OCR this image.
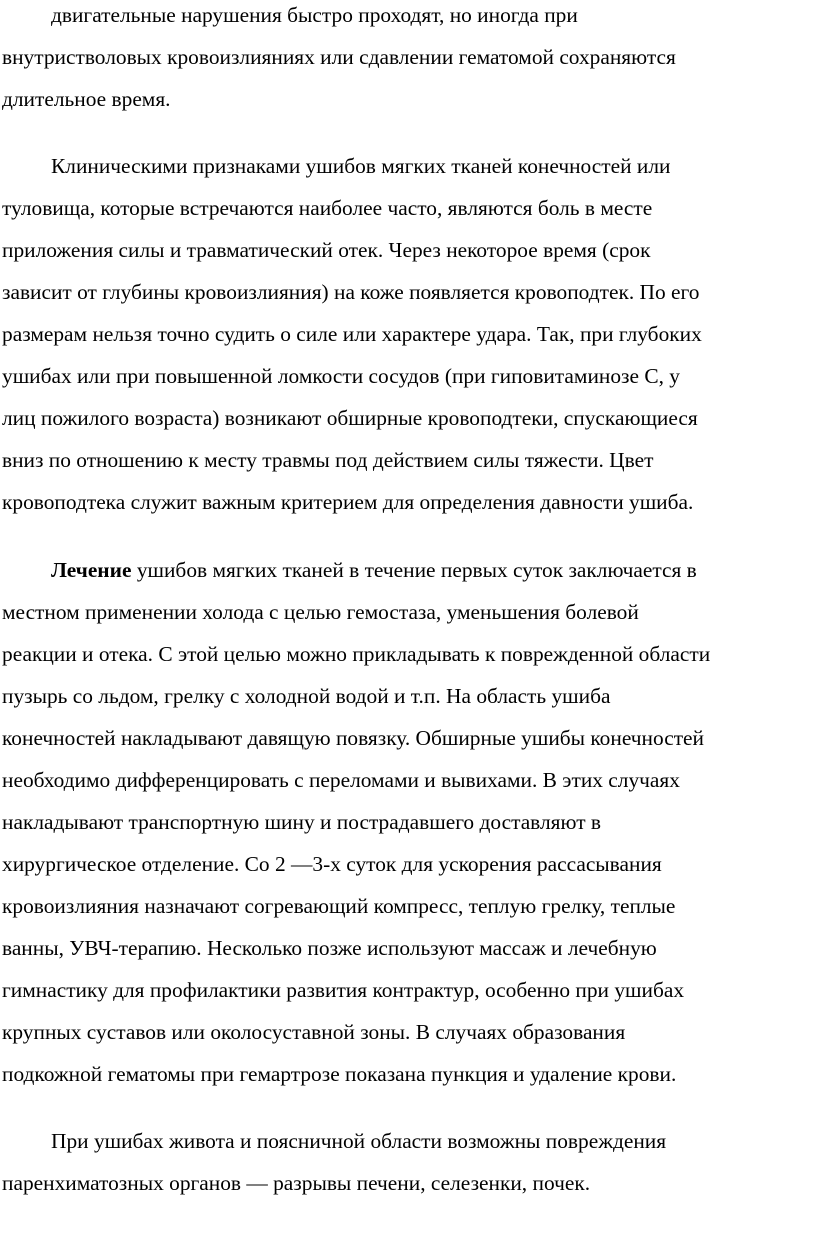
двигательные нарушения быстро проходят, но иногда при
внутристволовых кровоизлияниях или сдавлении гематомой сохраняются
длительное время.
Клиническими признаками ушибов мягких тканей конечностей или
туловища, которые встречаются наиболее часто, являются боль в месте
приложения силы и травматический отек. Через некоторое время (срок
зависит от глубины кровоизлияния) на коже появляется кровоподтек. По его
размерам нельзя точно судить о силе или характере удара. Так, при глубоких
ушибах или при повышенной ломкости сосудов (при гиповитаминозе С, у
лиц пожилого возраста) возникают обширные кровоподтеки, спускающиеся
вниз по отношению к месту травмы под действием силы тяжести. Цвет
кровоподтека служит важным критерием для определения давности ушиба.
Лечение ушибов мягких тканей в течение первых суток заключается в
местном применении холода с целью гемостаза, уменьшения болевой
реакции и отека. С этой целью можно прикладывать к поврежденной области
пузырь со льдом, грелку с холодной водой и т.п. На область ушиба
конечностей накладывают давящую повязку. Обширные ушибы конечностей
необходимо дифференцировать с переломами и вывихами. В этих случаях
накладывают транспортную шину и пострадавшего доставляют в
хирургическое отделение. Со 2 —3-х суток для ускорения рассасывания
кровоизлияния назначают согревающий компресс, теплую грелку, теплые
ванны, УВЧ-терапию. Несколько позже используют массаж и лечебную
гимнастику для профилактики развития контрактур, особенно при ушибах
крупных суставов или околосуставной зоны. В случаях образования
подкожной гематомы при гемартрозе показана пункция и удаление крови.
При ушибах живота и поясничной области возможны повреждения
паренхиматозных органов — разрывы печени, селезенки, почек.
